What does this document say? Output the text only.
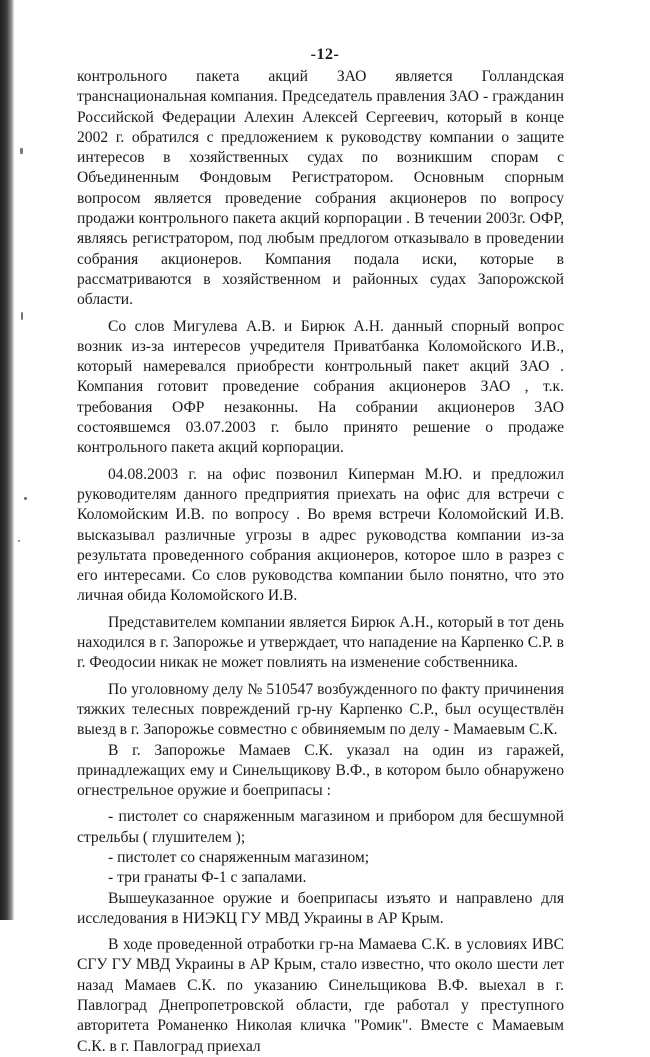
-12-

контрольного пакета акций ЗАО является Голландская транснациональная компания. Председатель правления ЗАО - гражданин Российской Федерации Алехин Алексей Сергеевич, который в конце 2002 г. обратился с предложением к руководству компании о защите интересов в хозяйственных судах по возникшим спорам с Объединенным Фондовым Регистратором. Основным спорным вопросом является проведение собрания акционеров по вопросу продажи контрольного пакета акций корпорации . В течении 2003г. ОФР, являясь регистратором, под любым предлогом отказывало в проведении собрания акционеров. Компания подала иски, которые в рассматриваются в хозяйственном и районных судах Запорожской области.

Со слов Мигулева А.В. и Бирюк А.Н. данный спорный вопрос возник из-за интересов учредителя Приватбанка Коломойского И.В., который намеревался приобрести контрольный пакет акций ЗАО . Компания готовит проведение собрания акционеров ЗАО , т.к. требования ОФР незаконны. На собрании акционеров ЗАО состоявшемся 03.07.2003 г. было принято решение о продаже контрольного пакета акций корпорации.

04.08.2003 г. на офис позвонил Киперман М.Ю. и предложил руководителям данного предприятия приехать на офис для встречи с Коломойским И.В. по вопросу . Во время встречи Коломойский И.В. высказывал различные угрозы в адрес руководства компании из-за результата проведенного собрания акционеров, которое шло в разрез с его интересами. Со слов руководства компании было понятно, что это личная обида Коломойского И.В.

Представителем компании является Бирюк А.Н., который в тот день находился в г. Запорожье и утверждает, что нападение на Карпенко С.Р. в г. Феодосии никак не может повлиять на изменение собственника.

По уголовному делу № 510547 возбужденного по факту причинения тяжких телесных повреждений гр-ну Карпенко С.Р., был осуществлён выезд в г. Запорожье совместно с обвиняемым по делу - Мамаевым С.К.

В г. Запорожье Мамаев С.К. указал на один из гаражей, принадлежащих ему и Синельщикову В.Ф., в котором было обнаружено огнестрельное оружие и боеприпасы :

- пистолет со снаряженным магазином и прибором для бесшумной стрельбы ( глушителем );

- пистолет со снаряженным магазином;

- три гранаты Ф-1 с запалами.

Вышеуказанное оружие и боеприпасы изъято и направлено для исследования в НИЭКЦ ГУ МВД Украины в АР Крым.

В ходе проведенной отработки гр-на Мамаева С.К. в условиях ИВС СГУ ГУ МВД Украины в АР Крым, стало известно, что около шести лет назад Мамаев С.К. по указанию Синельщикова В.Ф. выехал в г. Павлоград Днепропетровской области, где работал у преступного авторитета Романенко Николая кличка "Ромик". Вместе с Мамаевым С.К. в г. Павлоград приехал
